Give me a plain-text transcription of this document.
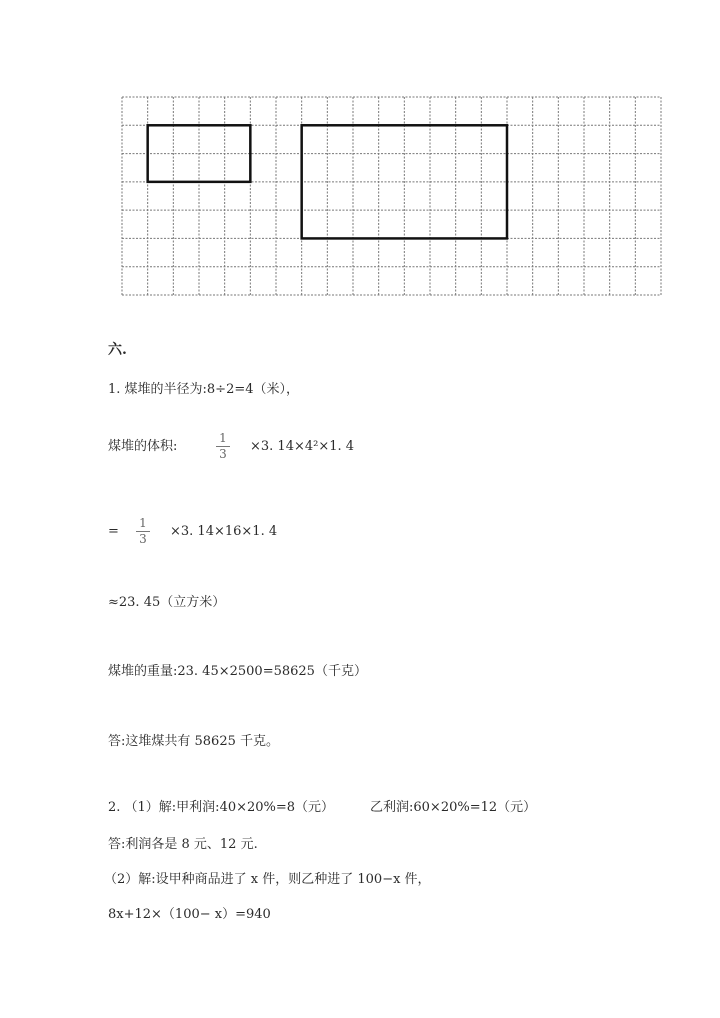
六.
1. 煤堆的半径为:8÷2=4（米），
煤堆的体积:
1
3 ×3. 14×4²×1. 4
=
1
3 ×3. 14×16×1. 4
≈23. 45（立方米）
煤堆的重量:23. 45×2500=58625（千克）
答:这堆煤共有 58625 千克。
2. （1）解:甲利润:40×20%=8（元）	乙利润:60×20%=12（元）
答:利润各是 8 元、12 元.
（2）解:设甲种商品进了 x 件，则乙种进了 100−x 件，
8x+12×（100− x）=940
